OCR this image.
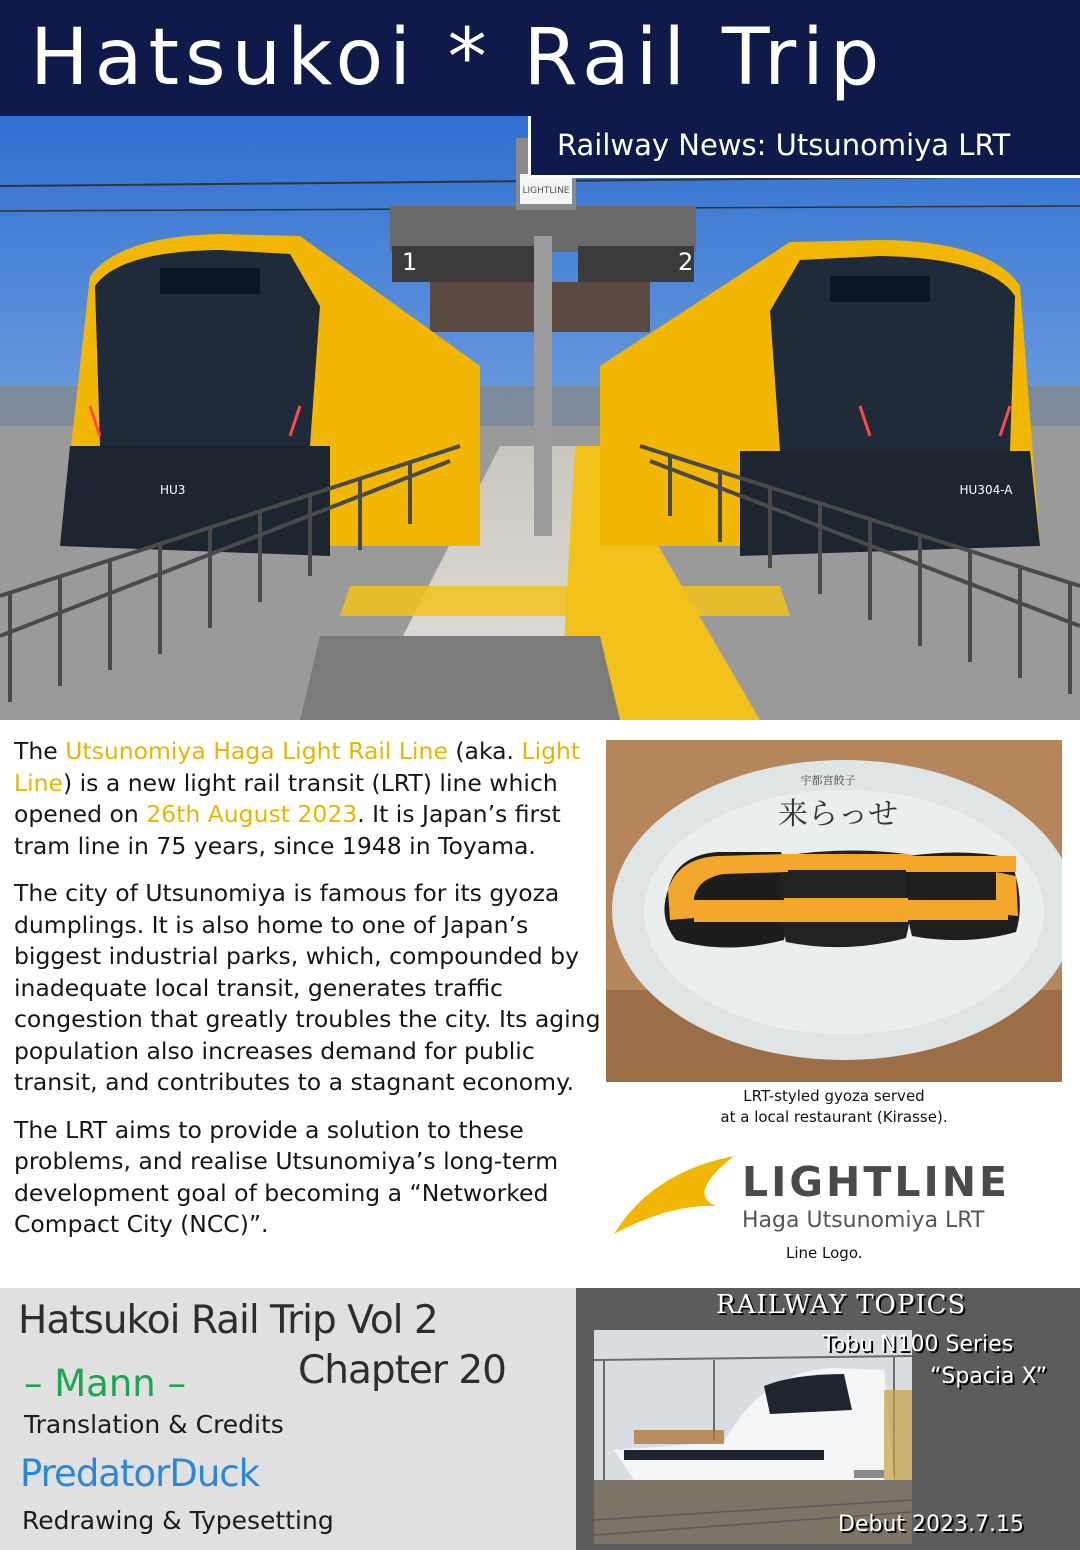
Hatsukoi * Rail Trip
LIGHTLINE
1	2
HU3	HU304-A
Railway News: Utsunomiya LRT

The Utsunomiya Haga Light Rail Line (aka. Light Line) is a new light rail transit (LRT) line which opened on 26th August 2023. It is Japan’s first tram line in 75 years, since 1948 in Toyama.

The city of Utsunomiya is famous for its gyoza dumplings. It is also home to one of Japan’s biggest industrial parks, which, compounded by inadequate local transit, generates traffic congestion that greatly troubles the city. Its aging population also increases demand for public transit, and contributes to a stagnant economy.

The LRT aims to provide a solution to these problems, and realise Utsunomiya’s long-term development goal of becoming a “Networked Compact City (NCC)”.

宇都宮餃子
来らっせ
LRT-styled gyoza served
at a local restaurant (Kirasse).
LIGHTLINE
Haga Utsunomiya LRT
Line Logo.
Hatsukoi Rail Trip Vol 2
Chapter 20
– Mann –
Translation & Credits
PredatorDuck
Redrawing & Typesetting
RAILWAY TOPICS
Tobu N100 Series
“Spacia X”
Debut 2023.7.15
